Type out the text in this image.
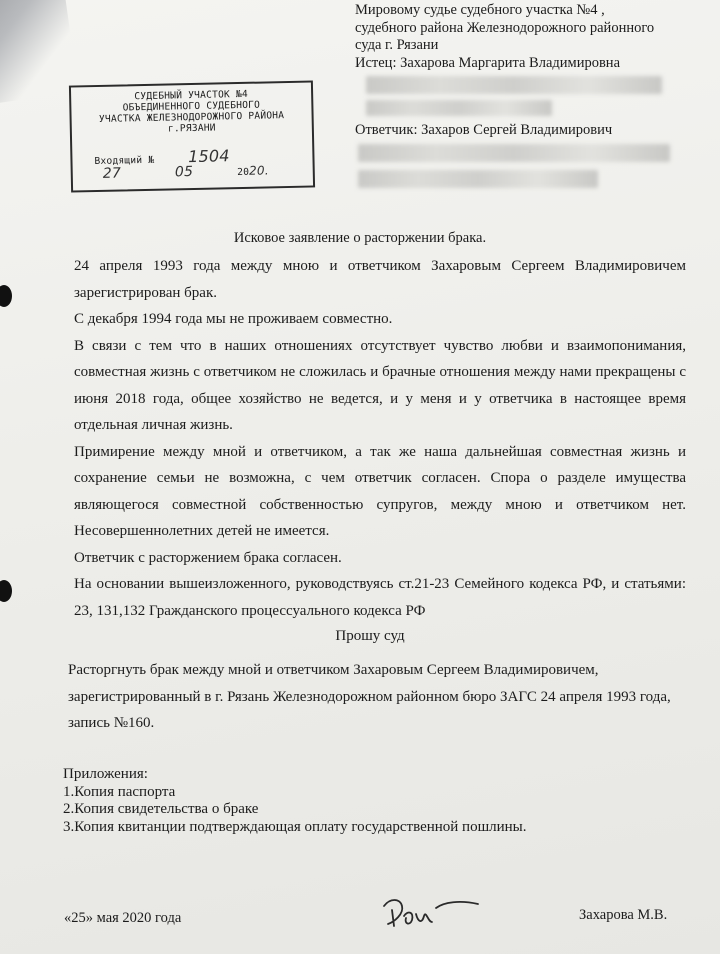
Мировому судье судебного участка №4 ,
судебного района Железнодорожного районного
суда г. Рязани
Истец: Захарова Маргарита Владимировна
Ответчик: Захаров Сергей Владимирович
СУДЕБНЫЙ УЧАСТОК №4
ОБЪЕДИНЕННОГО СУДЕБНОГО
УЧАСТКА ЖЕЛЕЗНОДОРОЖНОГО РАЙОНА
г.РЯЗАНИ
Входящий № 1504
27	05	2020.
Исковое заявление о расторжении брака.

24 апреля 1993 года между мною и ответчиком Захаровым Сергеем Владимировичем зарегистрирован брак.

С декабря 1994 года мы не проживаем совместно.

В связи с тем что в наших отношениях отсутствует чувство любви и взаимопонимания, совместная жизнь с ответчиком не сложилась и брачные отношения между нами прекращены с июня 2018 года, общее хозяйство не ведется, и у меня и у ответчика в настоящее время отдельная личная жизнь.

Примирение между мной и ответчиком, а так же наша дальнейшая совместная жизнь и сохранение семьи не возможна, с чем ответчик согласен. Спора о разделе имущества являющегося совместной собственностью супругов, между мною и ответчиком нет. Несовершеннолетних детей не имеется.

Ответчик с расторжением брака согласен.

На основании вышеизложенного, руководствуясь ст.21-23 Семейного кодекса РФ, и статьями: 23, 131,132 Гражданского процессуального кодекса РФ

Прошу суд
Расторгнуть брак между мной и ответчиком Захаровым Сергеем Владимировичем, зарегистрированный в г. Рязань Железнодорожном районном бюро ЗАГС 24 апреля 1993 года, запись №160.
Приложения:
1.Копия паспорта
2.Копия свидетельства о браке
3.Копия квитанции подтверждающая оплату государственной пошлины.
«25» мая 2020 года	Захарова М.В.
